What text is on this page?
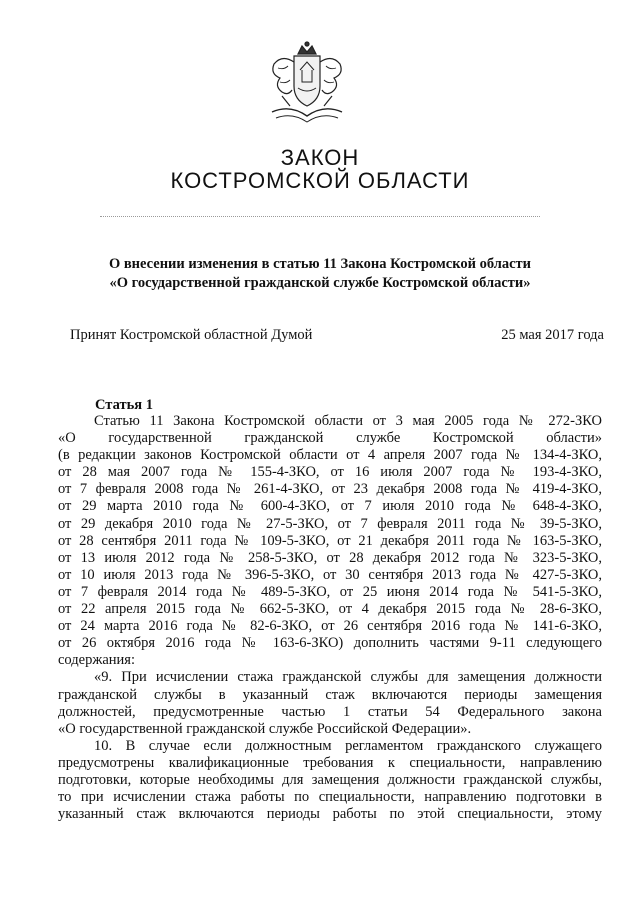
ЗАКОН
КОСТРОМСКОЙ ОБЛАСТИ
О внесении изменения в статью 11 Закона Костромской области
«О государственной гражданской службе Костромской области»
Принят Костромской областной Думой	25 мая 2017 года
Статья 1
Статью 11 Закона Костромской области от 3 мая 2005 года № 272-ЗКО
«О государственной гражданской службе Костромской области»
(в редакции законов Костромской области от 4 апреля 2007 года № 134-4-ЗКО,
от 28 мая 2007 года № 155-4-ЗКО, от 16 июля 2007 года № 193-4-ЗКО,
от 7 февраля 2008 года № 261-4-ЗКО, от 23 декабря 2008 года № 419-4-ЗКО,
от 29 марта 2010 года № 600-4-ЗКО, от 7 июля 2010 года № 648-4-ЗКО,
от 29 декабря 2010 года № 27-5-ЗКО, от 7 февраля 2011 года № 39-5-ЗКО,
от 28 сентября 2011 года № 109-5-ЗКО, от 21 декабря 2011 года № 163-5-ЗКО,
от 13 июля 2012 года № 258-5-ЗКО, от 28 декабря 2012 года № 323-5-ЗКО,
от 10 июля 2013 года № 396-5-ЗКО, от 30 сентября 2013 года № 427-5-ЗКО,
от 7 февраля 2014 года № 489-5-ЗКО, от 25 июня 2014 года № 541-5-ЗКО,
от 22 апреля 2015 года № 662-5-ЗКО, от 4 декабря 2015 года № 28-6-ЗКО,
от 24 марта 2016 года № 82-6-ЗКО, от 26 сентября 2016 года № 141-6-ЗКО,
от 26 октября 2016 года № 163-6-ЗКО) дополнить частями 9-11 следующего
содержания:
«9. При исчислении стажа гражданской службы для замещения должности
гражданской службы в указанный стаж включаются периоды замещения
должностей, предусмотренные частью 1 статьи 54 Федерального закона
«О государственной гражданской службе Российской Федерации».
10. В случае если должностным регламентом гражданского служащего
предусмотрены квалификационные требования к специальности, направлению
подготовки, которые необходимы для замещения должности гражданской службы,
то при исчислении стажа работы по специальности, направлению подготовки в
указанный стаж включаются периоды работы по этой специальности, этому
